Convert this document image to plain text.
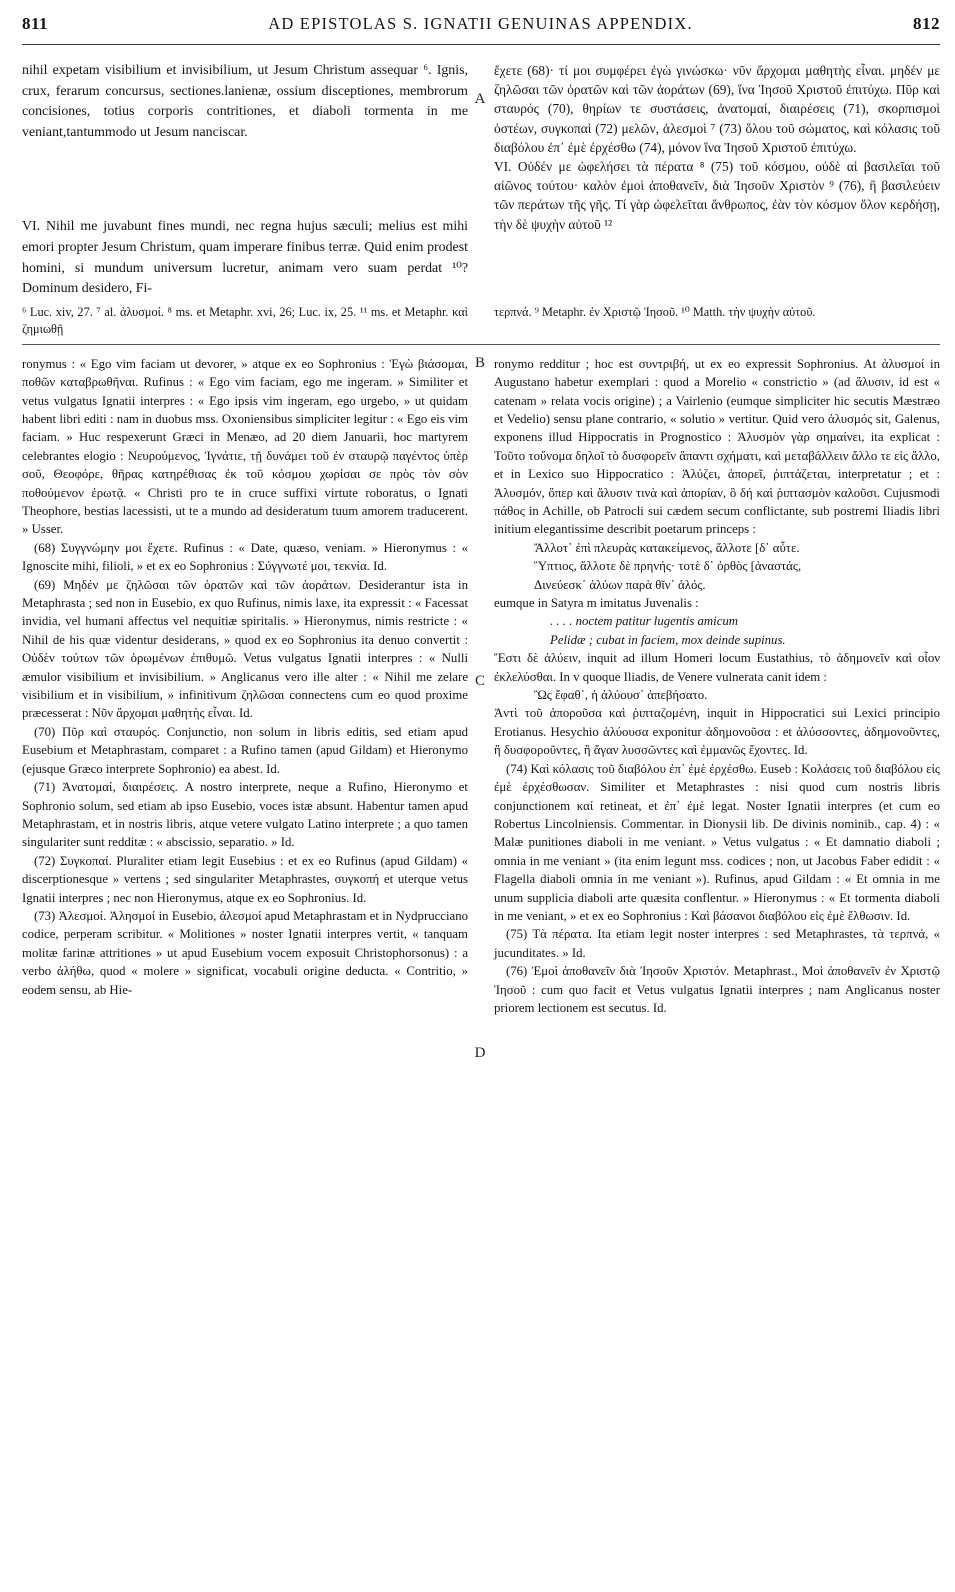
811	AD EPISTOLAS S. IGNATII GENUINAS APPENDIX.	812
A

nihil expetam visibilium et invisibilium, ut Jesum Christum assequar ⁶. Ignis, crux, ferarum concursus, sectiones.lanienæ, ossium disceptiones, membrorum concisiones, totius corporis contritiones, et diaboli tormenta in me veniant,tantummodo ut Jesum nanciscar.

VI. Nihil me juvabunt fines mundi, nec regna hujus sæculi; melius est mihi emori propter Jesum Christum, quam imperare finibus terræ. Quid enim prodest homini, si mundum universum lucretur, animam vero suam perdat ¹⁰? Dominum desidero, Fi-

ἔχετε (68)· τί μοι συμφέρει ἐγὼ γινώσκω· νῦν ἄρχομαι μαθητὴς εἶναι. μηδέν με ζηλῶσαι τῶν ὁρατῶν καὶ τῶν ἀοράτων (69), ἵνα Ἰησοῦ Χριστοῦ ἐπιτύχω. Πῦρ καὶ σταυρός (70), θηρίων τε συστάσεις, ἀνατομαί, διαιρέσεις (71), σκορπισμοὶ ὀστέων, συγκοπαὶ (72) μελῶν, ἀλεσμοὶ ⁷ (73) ὅλου τοῦ σώματος, καὶ κόλασις τοῦ διαβόλου ἐπ᾽ ἐμὲ ἐρχέσθω (74), μόνον ἵνα Ἰησοῦ Χριστοῦ ἐπιτύχω.

VI. Οὐδέν με ὠφελήσει τὰ πέρατα ⁸ (75) τοῦ κόσμου, οὐδὲ αἱ βασιλεῖαι τοῦ αἰῶνος τούτου· καλὸν ἐμοὶ ἀποθανεῖν, διὰ Ἰησοῦν Χριστὸν ⁹ (76), ἢ βασιλεύειν τῶν περάτων τῆς γῆς. Τί γὰρ ὠφελεῖται ἄνθρωπος, ἐὰν τὸν κόσμον ὅλον κερδήσῃ, τὴν δὲ ψυχὴν αὐτοῦ ¹²

⁶ Luc. xiv, 27. ⁷ al. ἀλυσμοί. ⁸ ms. et Metaphr. xvi, 26; Luc. ix, 25. ¹¹ ms. et Metaphr. καὶ ζημιωθῇ

τερπνά. ⁹ Metaphr. ἐν Χριστῷ Ἰησοῦ. ¹⁰ Matth. τὴν ψυχὴν αὐτοῦ.

B
C
D

ronymus : « Ego vim faciam ut devorer, » atque ex eo Sophronius : Ἐγὼ βιάσομαι, ποθῶν καταβρωθῆναι. Rufinus : « Ego vim faciam, ego me ingeram. » Similiter et vetus vulgatus Ignatii interpres : « Ego ipsis vim ingeram, ego urgebo, » ut quidam habent libri editi : nam in duobus mss. Oxoniensibus simpliciter legitur : « Ego eis vim faciam. » Huc respexerunt Græci in Menæo, ad 20 diem Januarii, hoc martyrem celebrantes elogio : Νευρούμενος, Ἰγνάτιε, τῇ δυνάμει τοῦ ἐν σταυρῷ παγέντος ὑπὲρ σοῦ, Θεοφόρε, θῆρας κατηρέθισας ἐκ τοῦ κόσμου χωρίσαι σε πρὸς τὸν σὸν ποθούμενον ἐρωτᾷ. « Christi pro te in cruce suffixi virtute roboratus, o Ignati Theophore, bestias lacessisti, ut te a mundo ad desideratum tuum amorem traducerent. » Usser.

(68) Συγγνώμην μοι ἔχετε. Rufinus : « Date, quæso, veniam. » Hieronymus : « Ignoscite mihi, filioli, » et ex eo Sophronius : Σύγγνωτέ μοι, τεκνία. Id.

(69) Μηδέν με ζηλῶσαι τῶν ὁρατῶν καὶ τῶν ἀοράτων. Desiderantur ista in Metaphrasta ; sed non in Eusebio, ex quo Rufinus, nimis laxe, ita expressit : « Facessat invidia, vel humani affectus vel nequitiæ spiritalis. » Hieronymus, nimis restricte : « Nihil de his quæ videntur desiderans, » quod ex eo Sophronius ita denuo convertit : Οὐδὲν τούτων τῶν ὁρωμένων ἐπιθυμῶ. Vetus vulgatus Ignatii interpres : « Nulli æmulor visibilium et invisibilium. » Anglicanus vero ille alter : « Nihil me zelare visibilium et in visibilium, » infinitivum ζηλῶσαι connectens cum eo quod proxime præcesserat : Νῦν ἄρχομαι μαθητὴς εἶναι. Id.

(70) Πῦρ καὶ σταυρός. Conjunctio, non solum in libris editis, sed etiam apud Eusebium et Metaphrastam, comparet : a Rufino tamen (apud Gildam) et Hieronymo (ejusque Græco interprete Sophronio) ea abest. Id.

(71) Ἀνατομαί, διαιρέσεις. A nostro interprete, neque a Rufino, Hieronymo et Sophronio solum, sed etiam ab ipso Eusebio, voces istæ absunt. Habentur tamen apud Metaphrastam, et in nostris libris, atque vetere vulgato Latino interprete ; a quo tamen singulariter sunt redditæ : « abscissio, separatio. » Id.

(72) Συγκοπαί. Pluraliter etiam legit Eusebius : et ex eo Rufinus (apud Gildam) « discerptionesque » vertens ; sed singulariter Metaphrastes, συγκοπή et uterque vetus Ignatii interpres ; nec non Hieronymus, atque ex eo Sophronius. Id.

(73) Ἀλεσμοί. Ἀλησμοί in Eusebio, ἀλεσμοί apud Metaphrastam et in Nydprucciano codice, perperam scribitur. « Molitiones » noster Ignatii interpres vertit, « tanquam molitæ farinæ attritiones » ut apud Eusebium vocem exposuit Christophorsonus) : a verbo ἀλήθω, quod « molere » significat, vocabuli origine deducta. « Contritio, » eodem sensu, ab Hie-

ronymo redditur ; hoc est συντριβή, ut ex eo expressit Sophronius. At ἀλυσμοί in Augustano habetur exemplari : quod a Morelio « constrictio » (ad ἅλυσιν, id est « catenam » relata vocis origine) ; a Vairlenio (eumque simpliciter hic secutis Mæstræo et Vedelio) sensu plane contrario, « solutio » vertitur. Quid vero ἀλυσμός sit, Galenus, exponens illud Hippocratis in Prognostico : Ἀλυσμὸν γὰρ σημαίνει, ita explicat : Τοῦτο τοὔνομα δηλοῖ τὸ δυσφορεῖν ἅπαντι σχήματι, καὶ μεταβάλλειν ἄλλο τε εἰς ἄλλο, et in Lexico suo Hippocratico : Ἀλύζει, ἀπορεῖ, ῥιπτάζεται, interpretatur ; et : Ἀλυσμόν, ὅπερ καὶ ἄλυσιν τινὰ καὶ ἀπορίαν, ὃ δή καὶ ῥιπτασμὸν καλοῦσι. Cujusmodi πάθος in Achille, ob Patrocli sui cædem secum conflictante, sub postremi Iliadis libri initium elegantissime describit poetarum princeps :

Ἄλλοτ᾽ ἐπὶ πλευρὰς κατακείμενος, ἄλλοτε [δ᾽ αὖτε.

Ὕπτιος, ἄλλοτε δὲ πρηνής· τοτὲ δ᾽ ὀρθὸς [ἀναστάς,

Δινεύεσκ᾽ ἀλύων παρὰ θῖν᾽ ἁλός.

eumque in Satyra m imitatus Juvenalis :

. . . . noctem patitur lugentis amicum

Pelidæ ; cubat in faciem, mox deinde supinus.

Ἔστι δὲ ἀλύειν, inquit ad illum Homeri locum Eustathius, τὸ ἀδημονεῖν καὶ οἷον ἐκλελύσθαι. In v quoque Iliadis, de Venere vulnerata canit idem :

Ὣς ἔφαθ᾽, ἡ ἀλύουσ᾽ ἀπεβήσατο.

Ἀντὶ τοῦ ἀποροῦσα καὶ ῥιπταζομένη, inquit in Hippocratici sui Lexici principio Erotianus. Hesychio ἀλύουσα exponitur ἀδημονοῦσα : et ἀλύσσοντες, ἀδημονοῦντες, ἢ δυσφοροῦντες, ἢ ἄγαν λυσσῶντες καὶ ἐμμανῶς ἔχοντες. Id.

(74) Καὶ κόλασις τοῦ διαβόλου ἐπ᾽ ἐμὲ ἐρχέσθω. Euseb : Κολάσεις τοῦ διαβόλου εἰς ἐμὲ ἐρχέσθωσαν. Similiter et Metaphrastes : nisi quod cum nostris libris conjunctionem καί retineat, et ἐπ᾽ ἐμὲ legat. Noster Ignatii interpres (et cum eo Robertus Lincolniensis. Commentar. in Dionysii lib. De divinis nominib., cap. 4) : « Malæ punitiones diaboli in me veniant. » Vetus vulgatus : « Et damnatio diaboli ; omnia in me veniant » (ita enim legunt mss. codices ; non, ut Jacobus Faber edidit : « Flagella diaboli omnia in me veniant »). Rufinus, apud Gildam : « Et omnia in me unum supplicia diaboli arte quæsita conflentur. » Hieronymus : « Et tormenta diaboli in me veniant, » et ex eo Sophronius : Καὶ βάσανοι διαβόλου εἰς ἐμὲ ἔλθωσιν. Id.

(75) Τὰ πέρατα. Ita etiam legit noster interpres : sed Metaphrastes, τὰ τερπνά, « jucunditates. » Id.

(76) Ἐμοὶ ἀποθανεῖν διὰ Ἰησοῦν Χριστόν. Metaphrast., Μοὶ ἀποθανεῖν ἐν Χριστῷ Ἰησοῦ : cum quo facit et Vetus vulgatus Ignatii interpres ; nam Anglicanus noster priorem lectionem est secutus. Id.
